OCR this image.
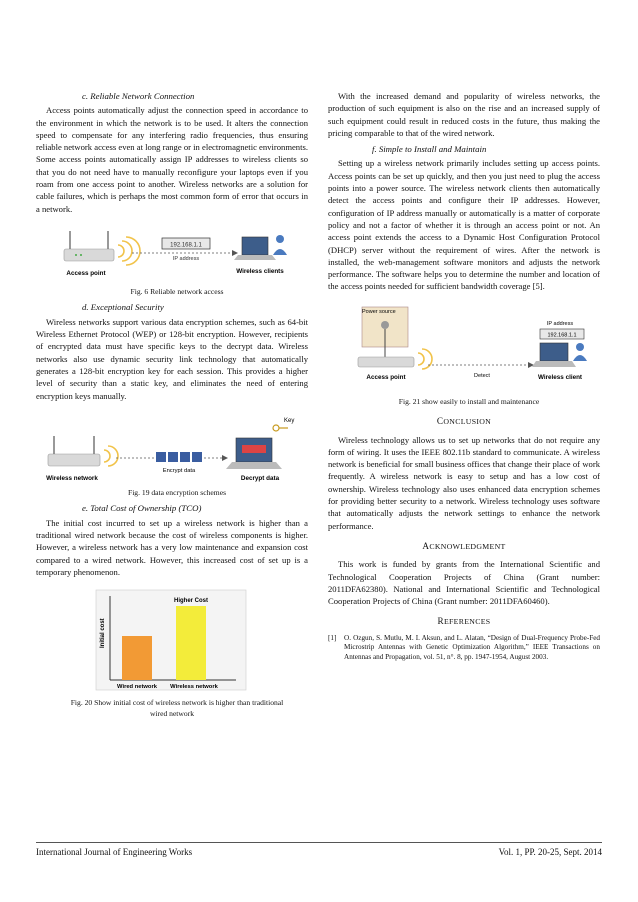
c. Reliable Network Connection

Access points automatically adjust the connection speed in accordance to the environment in which the network is to be used. It alters the connection speed to compensate for any interfering radio frequencies, thus ensuring reliable network access even at long range or in electromagnetic environments. Some access points automatically assign IP addresses to wireless clients so that you do not need have to manually reconfigure your laptops even if you roam from one access point to another. Wireless networks are a solution for cable failures, which is perhaps the most common form of error that occurs in a network.

192.168.1.1
IP address
Access point	Wireless clients

Fig. 6 Reliable network access

d. Exceptional Security

Wireless networks support various data encryption schemes, such as 64-bit Wireless Ethernet Protocol (WEP) or 128-bit encryption. However, recipients of encrypted data must have specific keys to the decrypt data. Wireless networks also use dynamic security link technology that automatically generates a 128-bit encryption key for each session. This provides a higher level of security than a static key, and eliminates the need of entering encryption keys manually.

Encrypt data
Key
Wireless network	Decrypt data

Fig. 19 data encryption schemes

e. Total Cost of Ownership (TCO)

The initial cost incurred to set up a wireless network is higher than a traditional wired network because the cost of wireless components is higher. However, a wireless network has a very low maintenance and expansion cost compared to a wired network. However, this increased cost of set up is a temporary phenomenon.

Initial cost
Higher Cost
Wired network Wireless network

Fig. 20 Show initial cost of wireless network is higher than traditional wired network

With the increased demand and popularity of wireless networks, the production of such equipment is also on the rise and an increased supply of such equipment could result in reduced costs in the future, thus making the pricing comparable to that of the wired network.

f. Simple to Install and Maintain

Setting up a wireless network primarily includes setting up access points. Access points can be set up quickly, and then you just need to plug the access points into a power source. The wireless network clients then automatically detect the access points and configure their IP addresses. However, configuration of IP address manually or automatically is a matter of corporate policy and not a factor of whether it is through an access point or not. An access point extends the access to a Dynamic Host Configuration Protocol (DHCP) server without the requirement of wires. After the network is installed, the web-management software monitors and adjusts the network performance. The software helps you to determine the number and location of the access points needed for sufficient bandwidth coverage [5].

Power source
Detect
IP address
192.168.1.1
Access point	Wireless client

Fig. 21 show easily to install and maintenance

CONCLUSION

Wireless technology allows us to set up networks that do not require any form of wiring. It uses the IEEE 802.11b standard to communicate. A wireless network is beneficial for small business offices that change their place of work frequently. A wireless network is easy to setup and has a low cost of ownership. Wireless technology also uses enhanced data encryption schemes for providing better security to a network. Wireless technology uses software that automatically adjusts the network settings to enhance the network performance.

ACKNOWLEDGMENT

This work is funded by grants from the International Scientific and Technological Cooperation Projects of China (Grant number: 2011DFA62380). National and International Scientific and Technological Cooperation Projects of China (Grant number: 2011DFA60460).

REFERENCES
[1]	O. Ozgun, S. Mutlu, M. I. Aksun, and L. Alatan, “Design of Dual-Frequency Probe-Fed Microstrip Antennas with Genetic Optimization Algorithm,” IEEE Transactions on Antennas and Propagation, vol. 51, n°. 8, pp. 1947-1954, August 2003.
International Journal of Engineering Works	Vol. 1, PP. 20-25, Sept. 2014
